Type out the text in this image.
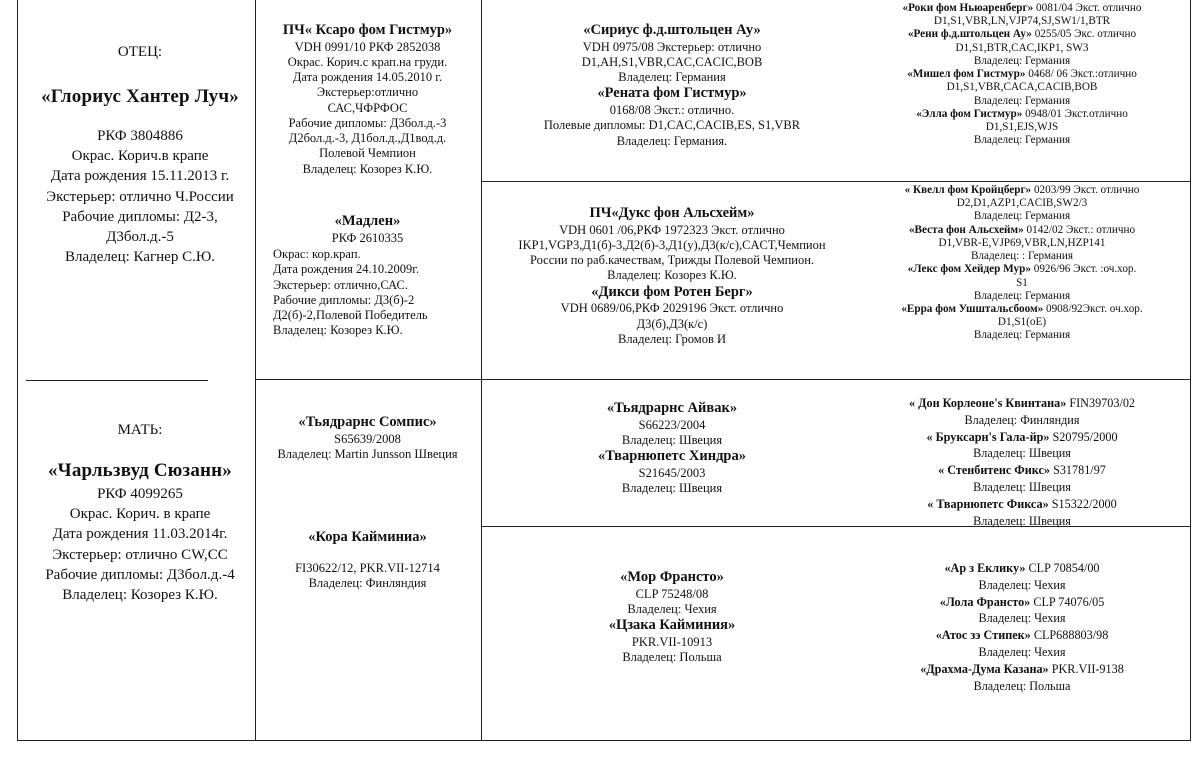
ОТЕЦ:
«Глориус Хантер Луч»
РКФ 3804886
Окрас. Корич.в крапе
Дата рождения 15.11.2013 г.
Экстерьер: отлично Ч.России
Рабочие дипломы: Д2-3,
Д3бол.д.-5
Владелец: Кагнер С.Ю.
МАТЬ:
«Чарльзвуд Сюзанн»
РКФ 4099265
Окрас. Корич. в крапе
Дата рождения 11.03.2014г.
Экстерьер: отлично CW,CC
Рабочие дипломы: Д3бол.д.-4
Владелец: Козорез К.Ю.
ПЧ« Ксаро фом Гистмур»
VDH 0991/10 РКФ 2852038
Окрас. Корич.с крап.на груди.
Дата рождения 14.05.2010 г.
Экстерьер:отлично
САС,ЧФРФОС
Рабочие дипломы: Д3бол.д.-3
Д2бол.д.-3, Д1бол.д.,Д1вод.д.
Полевой Чемпион
Владелец: Козорез К.Ю.
«Мадлен»
РКФ 2610335
Окрас: кор.крап.
Дата рождения 24.10.2009г.
Экстерьер: отлично,САС.
Рабочие дипломы: Д3(б)-2
Д2(б)-2,Полевой Победитель
Владелец: Козорез К.Ю.
«Тьядрарнс Сомпис»
S65639/2008
Владелец: Martin Junsson Швеция
«Кора Кайминиа»
FI30622/12, PKR.VII-12714
Владелец: Финляндия
«Сириус ф.д.штольцен Ау»
VDH 0975/08 Экстерьер: отлично
D1,AH,S1,VBR,CAC,CACIC,BOB
Владелец: Германия
«Рената фом Гистмур»
0168/08 Экст.: отлично.
Полевые дипломы: D1,CAC,CACIB,ES, S1,VBR
Владелец: Германия.
ПЧ«Дукс фон Альсхейм»
VDH 0601 /06,РКФ 1972323 Экст. отлично
IKP1,VGP3,Д1(б)-3,Д2(б)-3,Д1(у),Д3(к/с),CACT,Чемпион
России по раб.качествам, Трижды Полевой Чемпион.
Владелец: Козорез К.Ю.
«Дикси фом Ротен Берг»
VDH 0689/06,РКФ 2029196 Экст. отлично
Д3(б),Д3(к/с)
Владелец: Громов И
«Тьядрарнс Айвак»
S66223/2004
Владелец: Швеция
«Тварнюпетс Хиндра»
S21645/2003
Владелец: Швеция
«Мор Франсто»
CLP 75248/08
Владелец: Чехия
«Цзака Кайминия»
PKR.VII-10913
Владелец: Польша
«Роки фом Ньюаренберг» 0081/04 Экст. отлично
D1,S1,VBR,LN,VJP74,SJ,SW1/1,BTR
«Рени ф.д.штольцен Ау» 0255/05 Экс. отлично
D1,S1,BTR,CAC,IKP1, SW3
Владелец: Германия
«Мишел фом Гистмур» 0468/ 06 Экст.:отлично
D1,S1,VBR,CACA,CACIB,BOB
Владелец: Германия
«Элла фом Гистмур» 0948/01 Экст.отлично
D1,S1,EJS,WJS
Владелец: Германия
« Квелл фом Кройцберг» 0203/99 Экст. отлично
D2,D1,AZP1,CACIB,SW2/3
Владелец: Германия
«Веста фон Альсхейм» 0142/02 Экст.: отлично
D1,VBR-E,VJP69,VBR,LN,HZP141
Владелец: : Германия
«Лекс фом Хейдер Мур» 0926/96 Экст. :оч.хор.
S1
Владелец: Германия
«Ерра фом Ушштальсбоом» 0908/92Экст. оч.хор.
D1,S1(oE)
Владелец: Германия
« Дон Корлеоне's Квинтана» FIN39703/02
Владелец: Финляндия
« Бруксарн's Гала-йр» S20795/2000
Владелец: Швеция
« Стенбитенс Фикс» S31781/97
Владелец: Швеция
« Тварнюпетс Фикса» S15322/2000
Владелец: Швеция
«Ар з Еклику» CLP 70854/00
Владелец: Чехия
«Лола Франсто» CLP 74076/05
Владелец: Чехия
«Атос зэ Стипек» CLP688803/98
Владелец: Чехия
«Драхма-Дума Казана» PKR.VII-9138
Владелец: Польша
